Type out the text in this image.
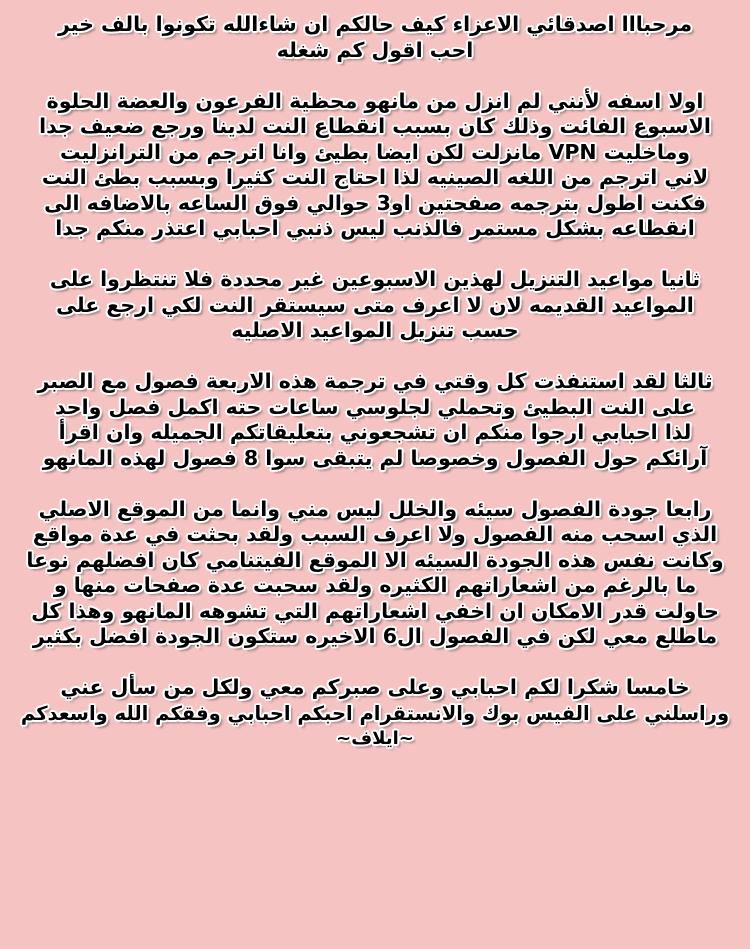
مرحبااا اصدقائي الاعزاء كيف حالكم ان شاءالله تكونوا بالف خير
احب اقول كم شغله
اولا اسفه لأنني لم انزل من مانهو محظية الفرعون والعضة الحلوة
الاسبوع الفائت وذلك كان بسبب انقطاع النت لدينا ورجع ضعيف جدا
وماخليت VPN مانزلت لكن ايضا بطيئ وانا اترجم من الترانزليت
لاني اترجم من اللغه الصينيه لذا احتاج النت كثيرا وبسبب بطئ النت
فكنت اطول بترجمه صفحتين او3 حوالي فوق الساعه بالاضافه الى
انقطاعه بشكل مستمر فالذنب ليس ذنبي احبابي اعتذر منكم جدا
ثانيا مواعيد التنزيل لهذين الاسبوعين غير محددة فلا تنتظروا على
المواعيد القديمه لان لا اعرف متى سيستقر النت لكي ارجع على
حسب تنزيل المواعيد الاصليه
ثالثا لقد استنفذت كل وقتي في ترجمة هذه الاربعة فصول مع الصبر
على النت البطيئ وتحملي لجلوسي ساعات حته اكمل فصل واحد
لذا احبابي ارجوا منكم ان تشجعوني بتعليقاتكم الجميله وان اقرأ
آرائكم حول الفصول وخصوصا لم يتبقى سوا 8 فصول لهذه المانهو
رابعا جودة الفصول سيئه والخلل ليس مني وانما من الموقع الاصلي
الذي اسحب منه الفصول ولا اعرف السبب ولقد بحثت في عدة مواقع
وكانت نفس هذه الجودة السيئه الا الموقع الفيتنامي كان افضلهم نوعا
ما بالرغم من اشعاراتهم الكثيره ولقد سحبت عدة صفحات منها و
حاولت قدر الامكان ان اخفي اشعاراتهم التي تشوهه المانهو وهذا كل
ماطلع معي لكن في الفصول ال6 الاخيره ستكون الجودة افضل بكثير
خامسا شكرا لكم احبابي وعلى صبركم معي ولكل من سأل عني
وراسلني على الفيس بوك والانستقرام احبكم احبابي وفقكم الله واسعدكم
~ايلاف~
